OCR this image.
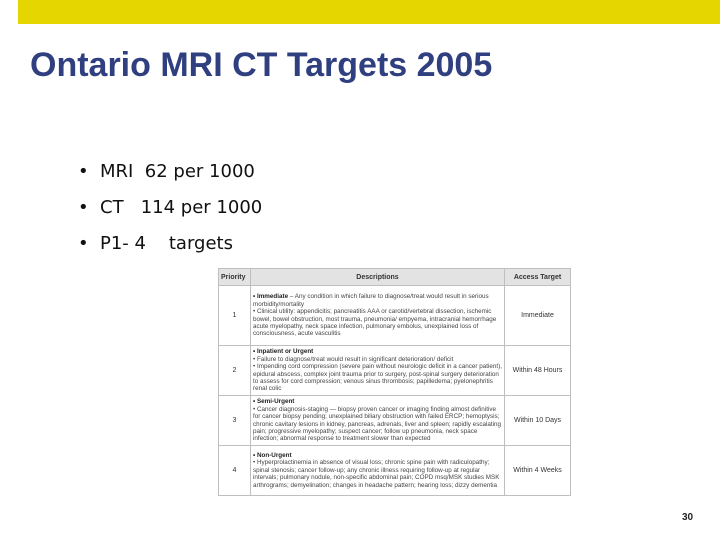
Ontario MRI CT Targets 2005
• MRI  62 per 1000
• CT   114 per 1000
• P1- 4    targets
Priority	Descriptions	Access Target
1	• Immediate – Any condition in which failure to diagnose/treat would result in serious morbidity/mortality
• Clinical utility: appendicitis; pancreatitis AAA or carotid/vertebral dissection, ischemic bowel, bowel obstruction, most trauma, pneumonia/ empyema, intracranial hemorrhage acute myelopathy, neck space infection, pulmonary embolus, unexplained loss of consciousness, acute vasculitis	Immediate
2	• Inpatient or Urgent
• Failure to diagnose/treat would result in significant deterioration/ deficit
• Impending cord compression (severe pain without neurologic deficit in a cancer patient), epidural abscess, complex joint trauma prior to surgery, post-spinal surgery deterioration to assess for cord compression; venous sinus thrombosis; papilledema; pyelonephritis renal colic	Within 48 Hours
3	• Semi-Urgent
• Cancer diagnosis-staging — biopsy proven cancer or imaging finding almost definitive for cancer biopsy pending; unexplained biliary obstruction with failed ERCP; hemoptysis; chronic cavitary lesions in kidney, pancreas, adrenals, liver and spleen; rapidly escalating pain; progressive myelopathy; suspect cancer; follow up pneumonia, neck space infection; abnormal response to treatment slower than expected	Within 10 Days
4	• Non-Urgent
• Hyperprolactinemia in absence of visual loss; chronic spine pain with radiculopathy; spinal stenosis; cancer follow-up; any chronic illness requiring follow-up at regular intervals; pulmonary nodule, non-specific abdominal pain; COPD msq/MSK studies MSK arthrograms; demyelination; changes in headache pattern; hearing loss; dizzy dementia	Within 4 Weeks
30
